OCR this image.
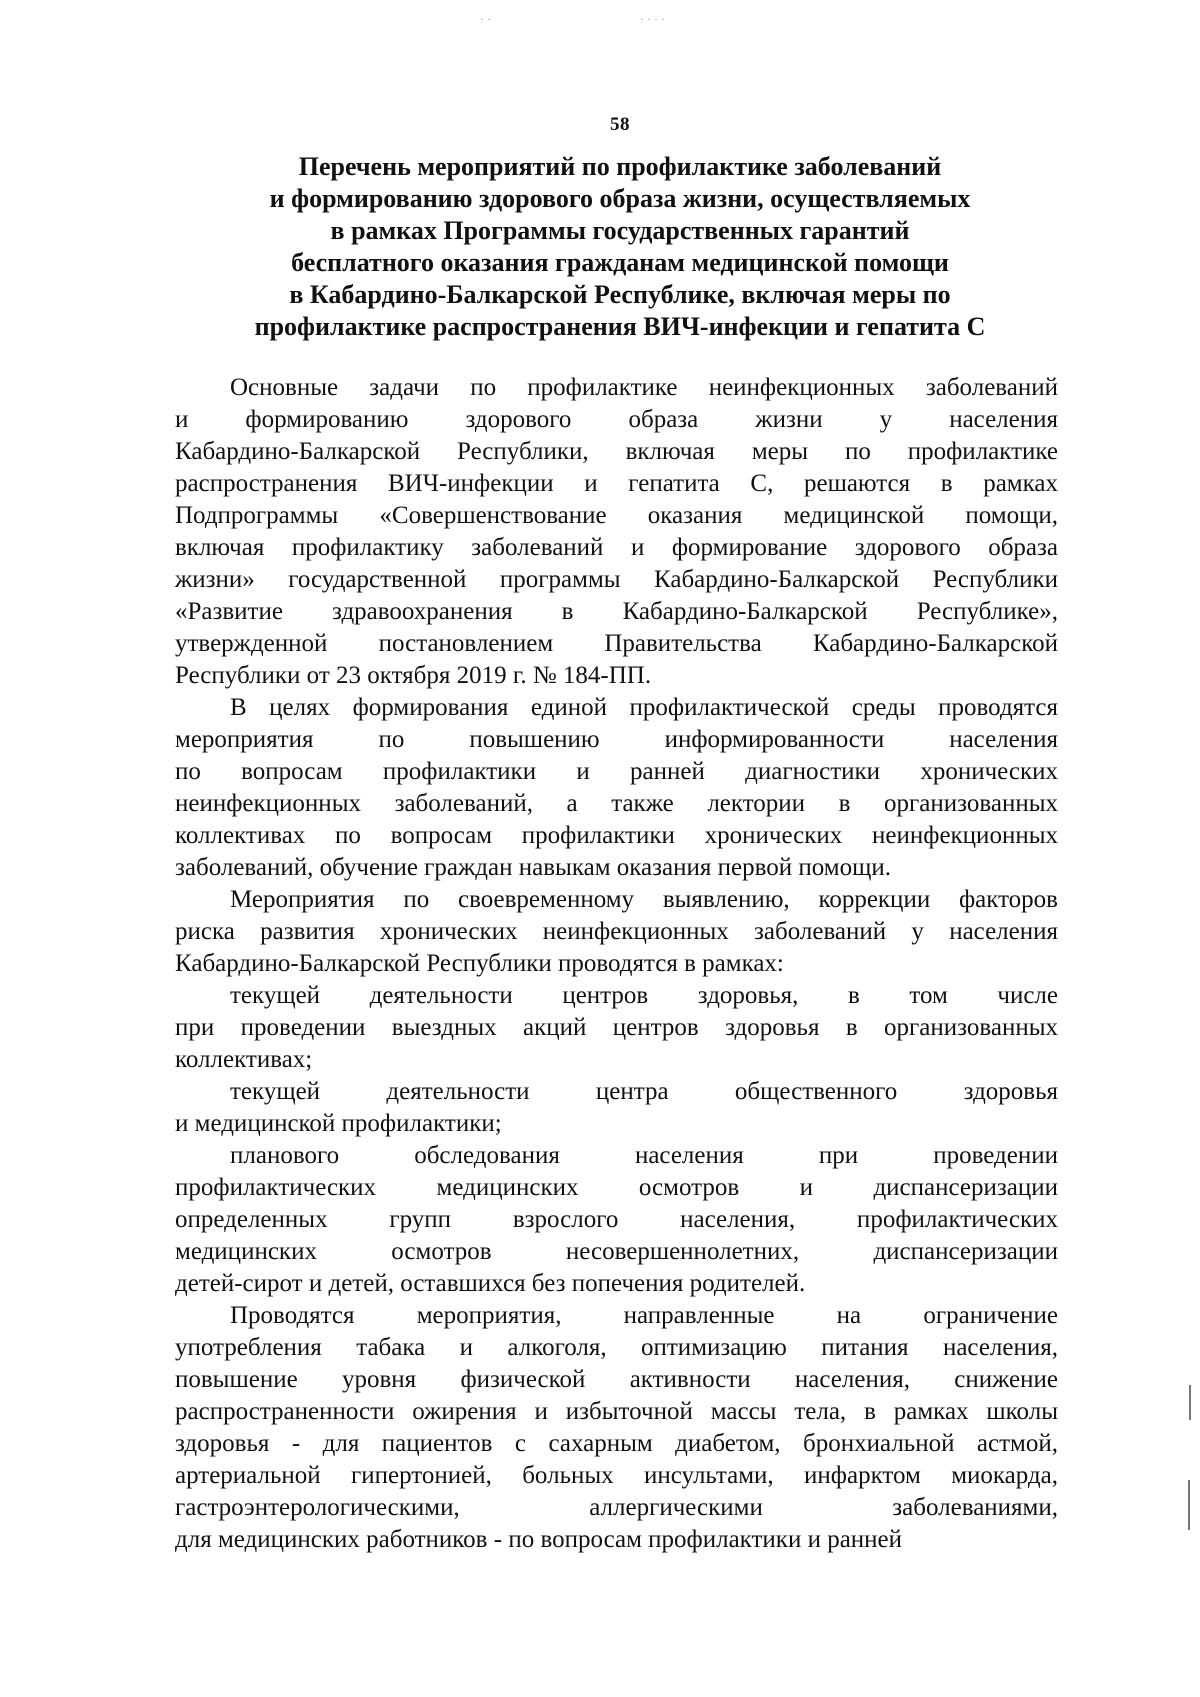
· ·	· · · ·
58
Перечень мероприятий по профилактике заболеваний
и формированию здорового образа жизни, осуществляемых
в рамках Программы государственных гарантий
бесплатного оказания гражданам медицинской помощи
в Кабардино-Балкарской Республике, включая меры по
профилактике распространения ВИЧ-инфекции и гепатита С
Основные задачи по профилактике неинфекционных заболеваний
и формированию здорового образа жизни у населения
Кабардино-Балкарской Республики, включая меры по профилактике
распространения ВИЧ-инфекции и гепатита С, решаются в рамках
Подпрограммы «Совершенствование оказания медицинской помощи,
включая профилактику заболеваний и формирование здорового образа
жизни» государственной программы Кабардино-Балкарской Республики
«Развитие здравоохранения в Кабардино-Балкарской Республике»,
утвержденной постановлением Правительства Кабардино-Балкарской
Республики от 23 октября 2019 г. № 184-ПП.
В целях формирования единой профилактической среды проводятся
мероприятия по повышению информированности населения
по вопросам профилактики и ранней диагностики хронических
неинфекционных заболеваний, а также лектории в организованных
коллективах по вопросам профилактики хронических неинфекционных
заболеваний, обучение граждан навыкам оказания первой помощи.
Мероприятия по своевременному выявлению, коррекции факторов
риска развития хронических неинфекционных заболеваний у населения
Кабардино-Балкарской Республики проводятся в рамках:
текущей деятельности центров здоровья, в том числе
при проведении выездных акций центров здоровья в организованных
коллективах;
текущей деятельности центра общественного здоровья
и медицинской профилактики;
планового обследования населения при проведении
профилактических медицинских осмотров и диспансеризации
определенных групп взрослого населения, профилактических
медицинских осмотров несовершеннолетних, диспансеризации
детей-сирот и детей, оставшихся без попечения родителей.
Проводятся мероприятия, направленные на ограничение
употребления табака и алкоголя, оптимизацию питания населения,
повышение уровня физической активности населения, снижение
распространенности ожирения и избыточной массы тела, в рамках школы
здоровья - для пациентов с сахарным диабетом, бронхиальной астмой,
артериальной гипертонией, больных инсультами, инфарктом миокарда,
гастроэнтерологическими, аллергическими заболеваниями,
для медицинских работников - по вопросам профилактики и ранней
